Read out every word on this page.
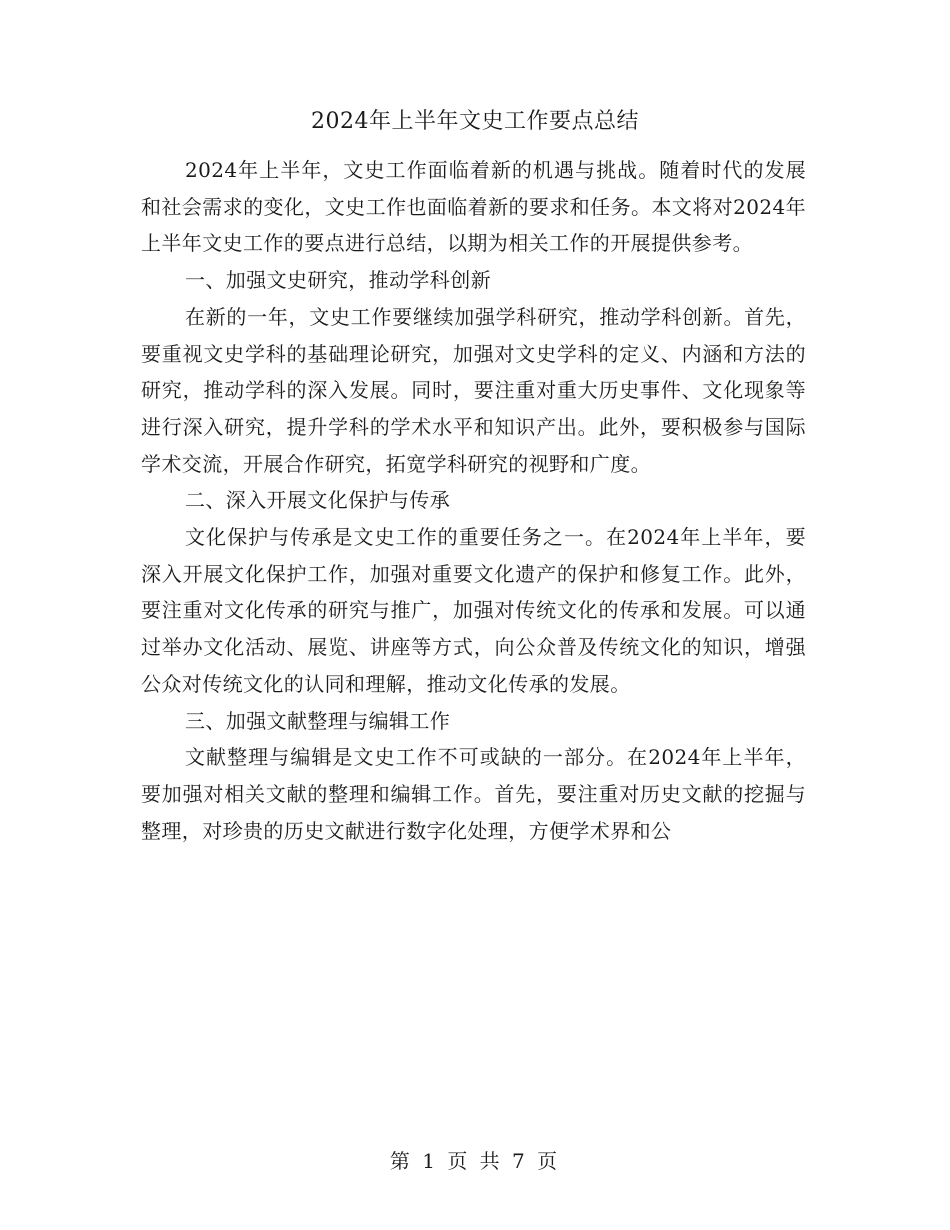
2024年上半年文史工作要点总结

2024年上半年，文史工作面临着新的机遇与挑战。随着时代的发展和社会需求的变化，文史工作也面临着新的要求和任务。本文将对2024年上半年文史工作的要点进行总结，以期为相关工作的开展提供参考。

一、加强文史研究，推动学科创新

在新的一年，文史工作要继续加强学科研究，推动学科创新。首先，要重视文史学科的基础理论研究，加强对文史学科的定义、内涵和方法的研究，推动学科的深入发展。同时，要注重对重大历史事件、文化现象等进行深入研究，提升学科的学术水平和知识产出。此外，要积极参与国际学术交流，开展合作研究，拓宽学科研究的视野和广度。

二、深入开展文化保护与传承

文化保护与传承是文史工作的重要任务之一。在2024年上半年，要深入开展文化保护工作，加强对重要文化遗产的保护和修复工作。此外，要注重对文化传承的研究与推广，加强对传统文化的传承和发展。可以通过举办文化活动、展览、讲座等方式，向公众普及传统文化的知识，增强公众对传统文化的认同和理解，推动文化传承的发展。

三、加强文献整理与编辑工作

文献整理与编辑是文史工作不可或缺的一部分。在2024年上半年，要加强对相关文献的整理和编辑工作。首先，要注重对历史文献的挖掘与整理，对珍贵的历史文献进行数字化处理，方便学术界和公

第 1 页 共 7 页
